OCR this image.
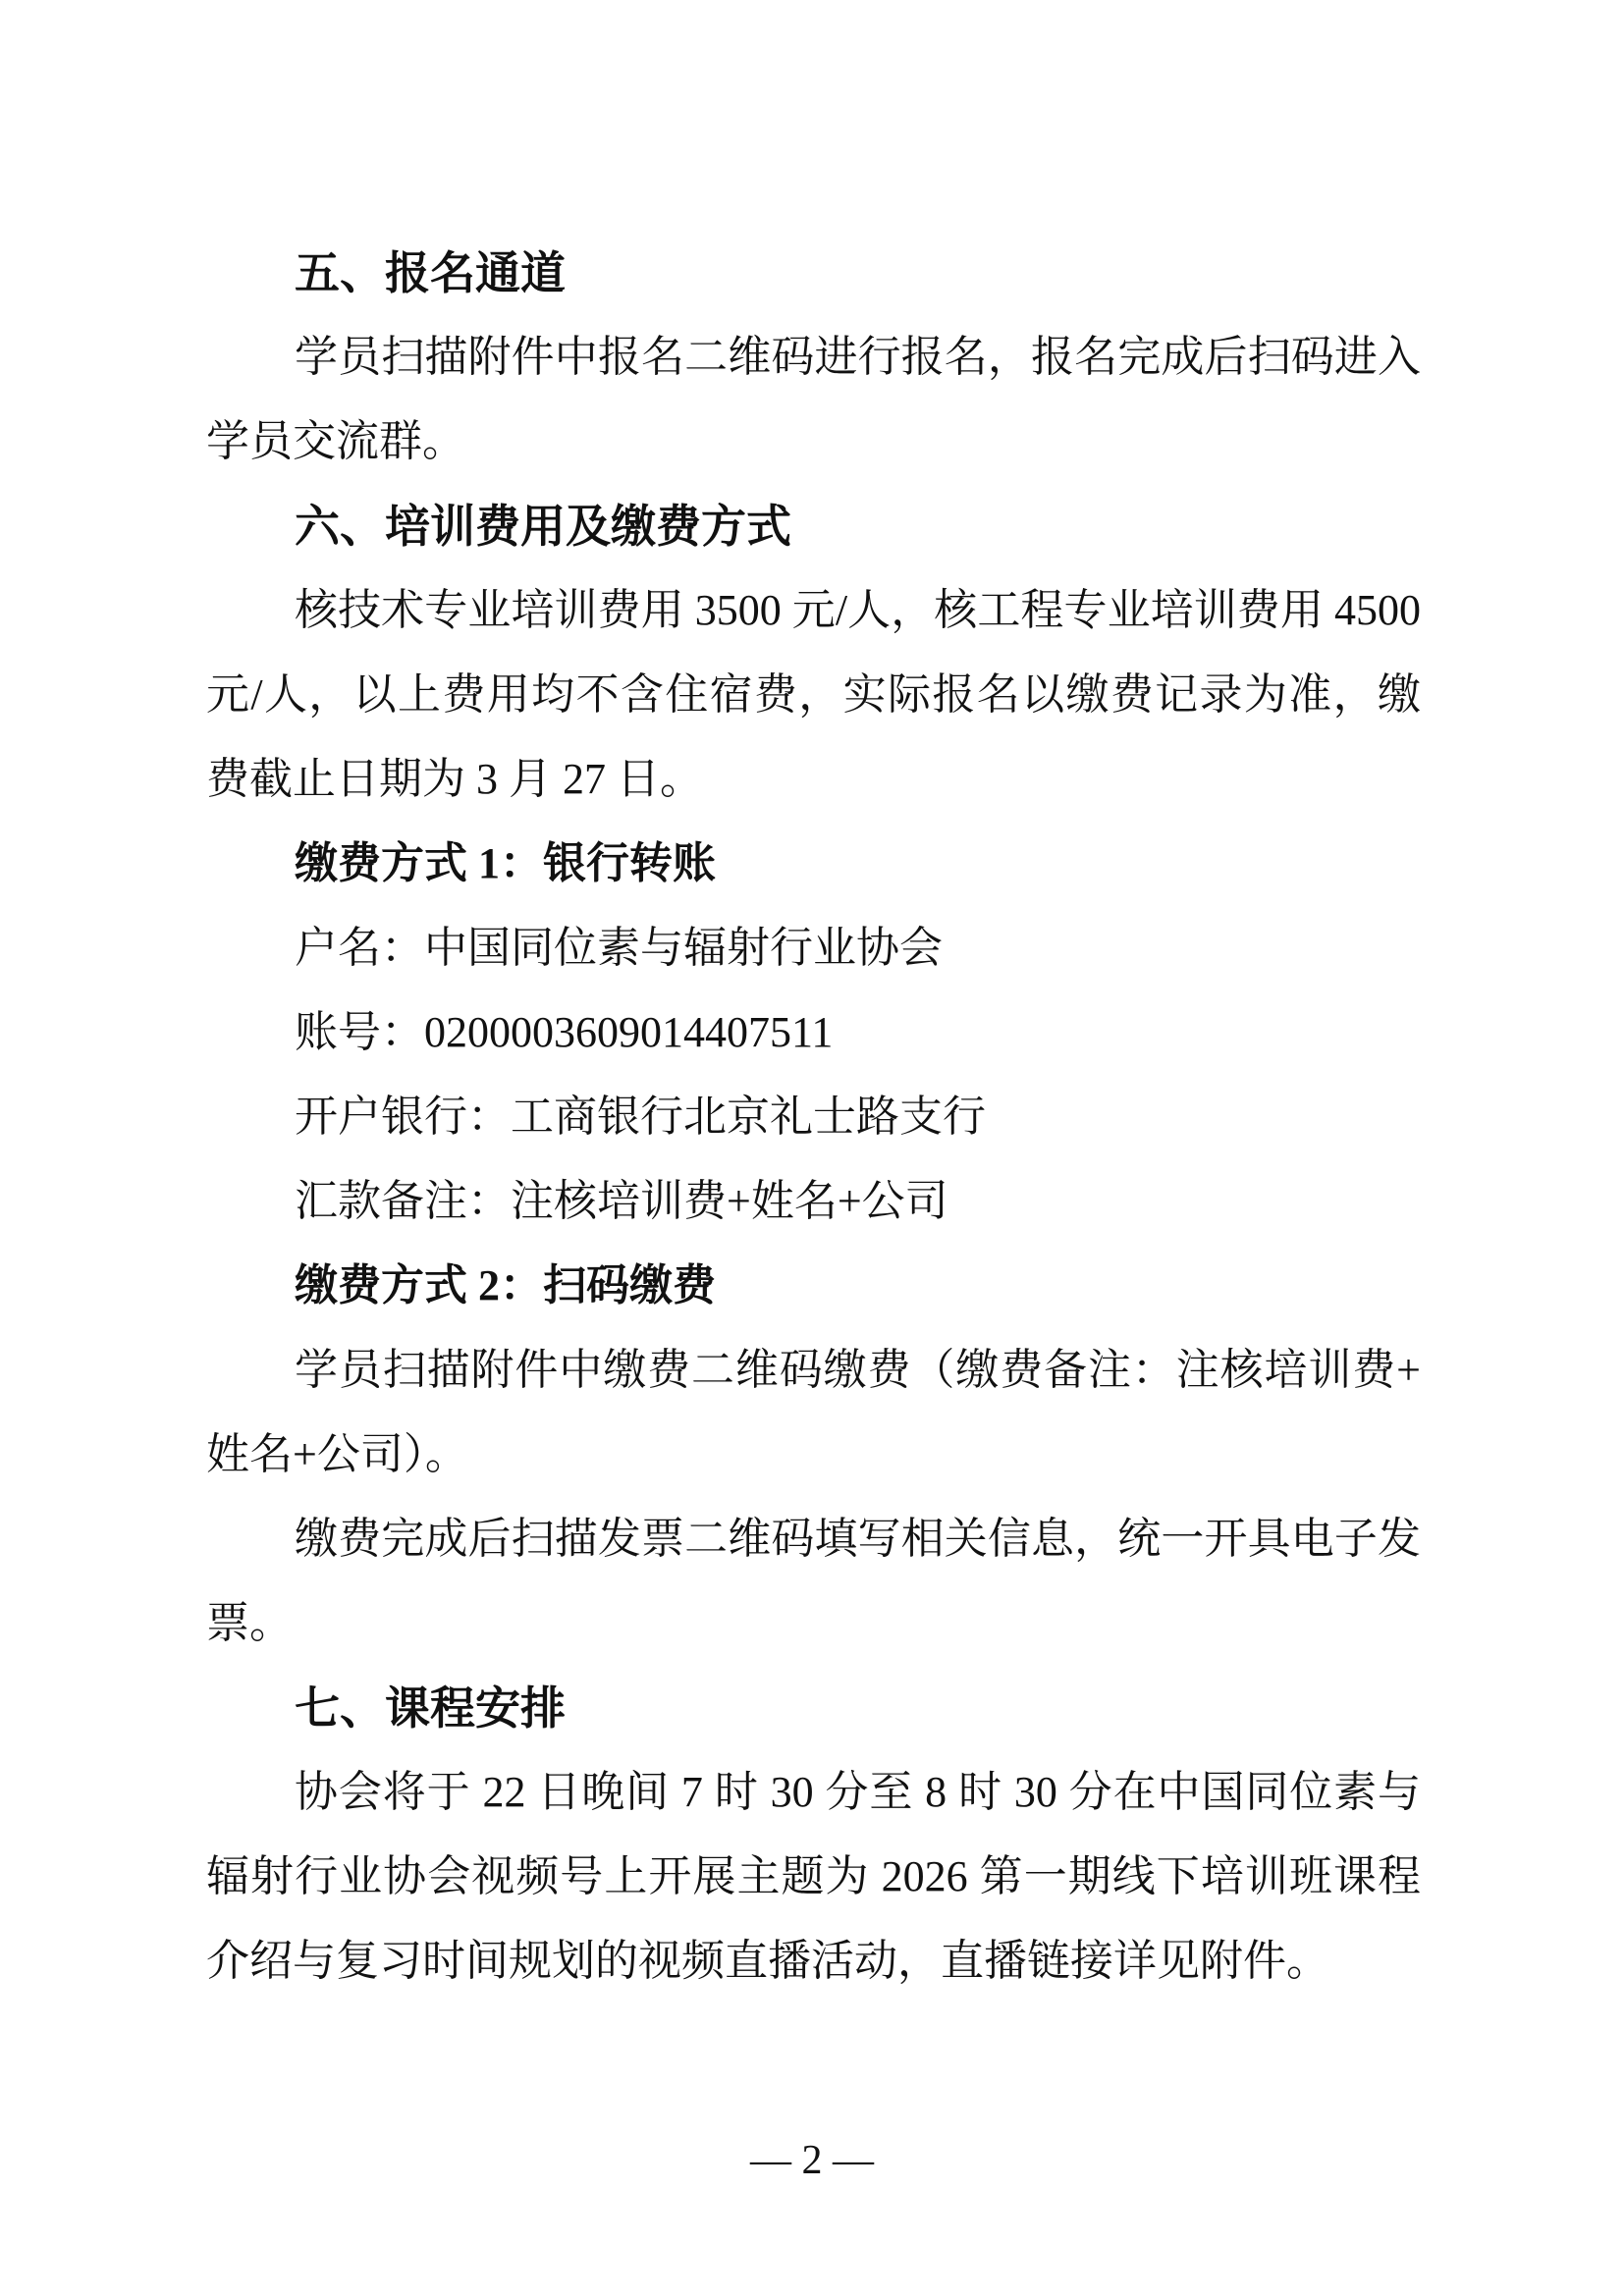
五、报名通道
学员扫描附件中报名二维码进行报名，报名完成后扫码进入
学员交流群。
六、培训费用及缴费方式
核技术专业培训费用 3500 元/人，核工程专业培训费用 4500
元/人，以上费用均不含住宿费，实际报名以缴费记录为准，缴
费截止日期为 3 月 27 日。
缴费方式 1：银行转账
户名：中国同位素与辐射行业协会
账号：0200003609014407511
开户银行：工商银行北京礼士路支行
汇款备注：注核培训费+姓名+公司
缴费方式 2：扫码缴费
学员扫描附件中缴费二维码缴费（缴费备注：注核培训费+
姓名+公司）。
缴费完成后扫描发票二维码填写相关信息，统一开具电子发
票。
七、课程安排
协会将于 22 日晚间 7 时 30 分至 8 时 30 分在中国同位素与
辐射行业协会视频号上开展主题为 2026 第一期线下培训班课程
介绍与复习时间规划的视频直播活动，直播链接详见附件。
— 2 —
